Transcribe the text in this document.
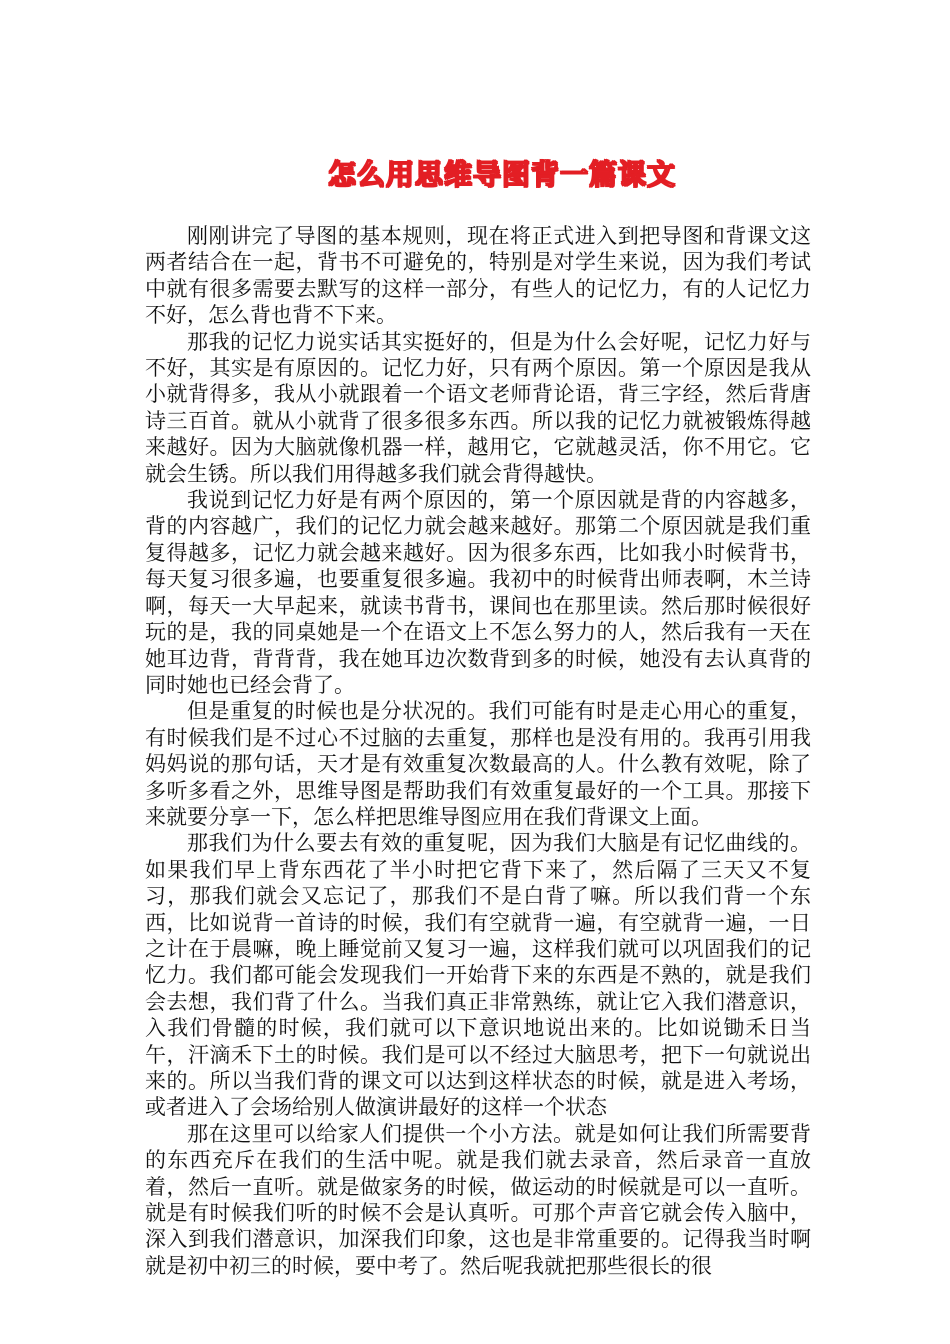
怎么用思维导图背一篇课文

刚刚讲完了导图的基本规则，现在将正式进入到把导图和背课文这两者结合在一起，背书不可避免的，特别是对学生来说，因为我们考试中就有很多需要去默写的这样一部分，有些人的记忆力，有的人记忆力不好，怎么背也背不下来。

那我的记忆力说实话其实挺好的，但是为什么会好呢，记忆力好与不好，其实是有原因的。记忆力好，只有两个原因。第一个原因是我从小就背得多，我从小就跟着一个语文老师背论语，背三字经，然后背唐诗三百首。就从小就背了很多很多东西。所以我的记忆力就被锻炼得越来越好。因为大脑就像机器一样，越用它，它就越灵活，你不用它。它就会生锈。所以我们用得越多我们就会背得越快。

我说到记忆力好是有两个原因的，第一个原因就是背的内容越多，背的内容越广，我们的记忆力就会越来越好。那第二个原因就是我们重复得越多，记忆力就会越来越好。因为很多东西，比如我小时候背书，每天复习很多遍，也要重复很多遍。我初中的时候背出师表啊，木兰诗啊，每天一大早起来，就读书背书，课间也在那里读。然后那时候很好玩的是，我的同桌她是一个在语文上不怎么努力的人，然后我有一天在她耳边背，背背背，我在她耳边次数背到多的时候，她没有去认真背的同时她也已经会背了。

但是重复的时候也是分状况的。我们可能有时是走心用心的重复，有时候我们是不过心不过脑的去重复，那样也是没有用的。我再引用我妈妈说的那句话，天才是有效重复次数最高的人。什么教有效呢，除了多听多看之外，思维导图是帮助我们有效重复最好的一个工具。那接下来就要分享一下，怎么样把思维导图应用在我们背课文上面。

那我们为什么要去有效的重复呢，因为我们大脑是有记忆曲线的。如果我们早上背东西花了半小时把它背下来了，然后隔了三天又不复习，那我们就会又忘记了，那我们不是白背了嘛。所以我们背一个东西，比如说背一首诗的时候，我们有空就背一遍，有空就背一遍，一日之计在于晨嘛，晚上睡觉前又复习一遍，这样我们就可以巩固我们的记忆力。我们都可能会发现我们一开始背下来的东西是不熟的，就是我们会去想，我们背了什么。当我们真正非常熟练，就让它入我们潜意识，入我们骨髓的时候，我们就可以下意识地说出来的。比如说锄禾日当午，汗滴禾下土的时候。我们是可以不经过大脑思考，把下一句就说出来的。所以当我们背的课文可以达到这样状态的时候，就是进入考场，或者进入了会场给别人做演讲最好的这样一个状态

那在这里可以给家人们提供一个小方法。就是如何让我们所需要背的东西充斥在我们的生活中呢。就是我们就去录音，然后录音一直放着，然后一直听。就是做家务的时候，做运动的时候就是可以一直听。就是有时候我们听的时候不会是认真听。可那个声音它就会传入脑中，深入到我们潜意识，加深我们印象，这也是非常重要的。记得我当时啊就是初中初三的时候，要中考了。然后呢我就把那些很长的很
